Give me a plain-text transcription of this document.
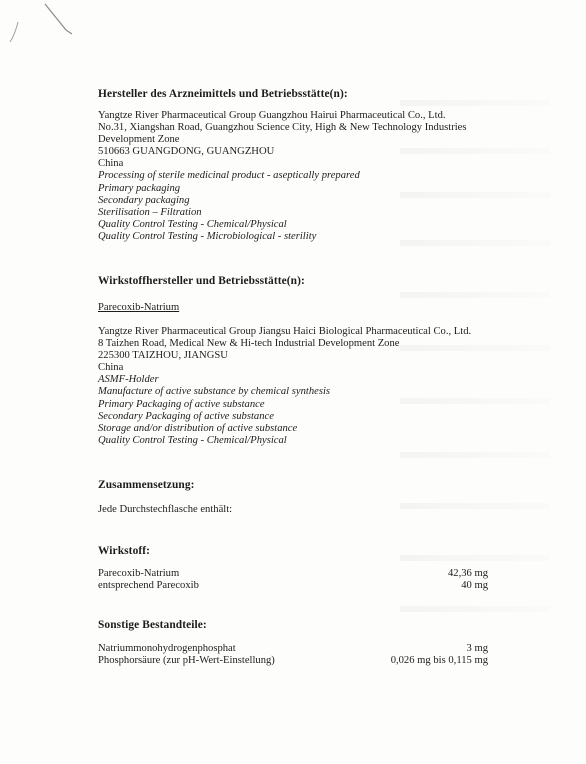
Hersteller des Arzneimittels und Betriebsstätte(n):
Yangtze River Pharmaceutical Group Guangzhou Hairui Pharmaceutical Co., Ltd.
No.31, Xiangshan Road, Guangzhou Science City, High & New Technology Industries
Development Zone
510663 GUANGDONG, GUANGZHOU
China
Processing of sterile medicinal product - aseptically prepared
Primary packaging
Secondary packaging
Sterilisation – Filtration
Quality Control Testing - Chemical/Physical
Quality Control Testing - Microbiological - sterility
Wirkstoffhersteller und Betriebsstätte(n):
Parecoxib-Natrium
Yangtze River Pharmaceutical Group Jiangsu Haici Biological Pharmaceutical Co., Ltd.
8 Taizhen Road, Medical New & Hi-tech Industrial Development Zone
225300 TAIZHOU, JIANGSU
China
ASMF-Holder
Manufacture of active substance by chemical synthesis
Primary Packaging of active substance
Secondary Packaging of active substance
Storage and/or distribution of active substance
Quality Control Testing - Chemical/Physical
Zusammensetzung:
Jede Durchstechflasche enthält:
Wirkstoff:
Parecoxib-Natrium	42,36 mg
entsprechend Parecoxib	40 mg
Sonstige Bestandteile:
Natriummonohydrogenphosphat	3 mg
Phosphorsäure (zur pH-Wert-Einstellung)	0,026 mg bis 0,115 mg
